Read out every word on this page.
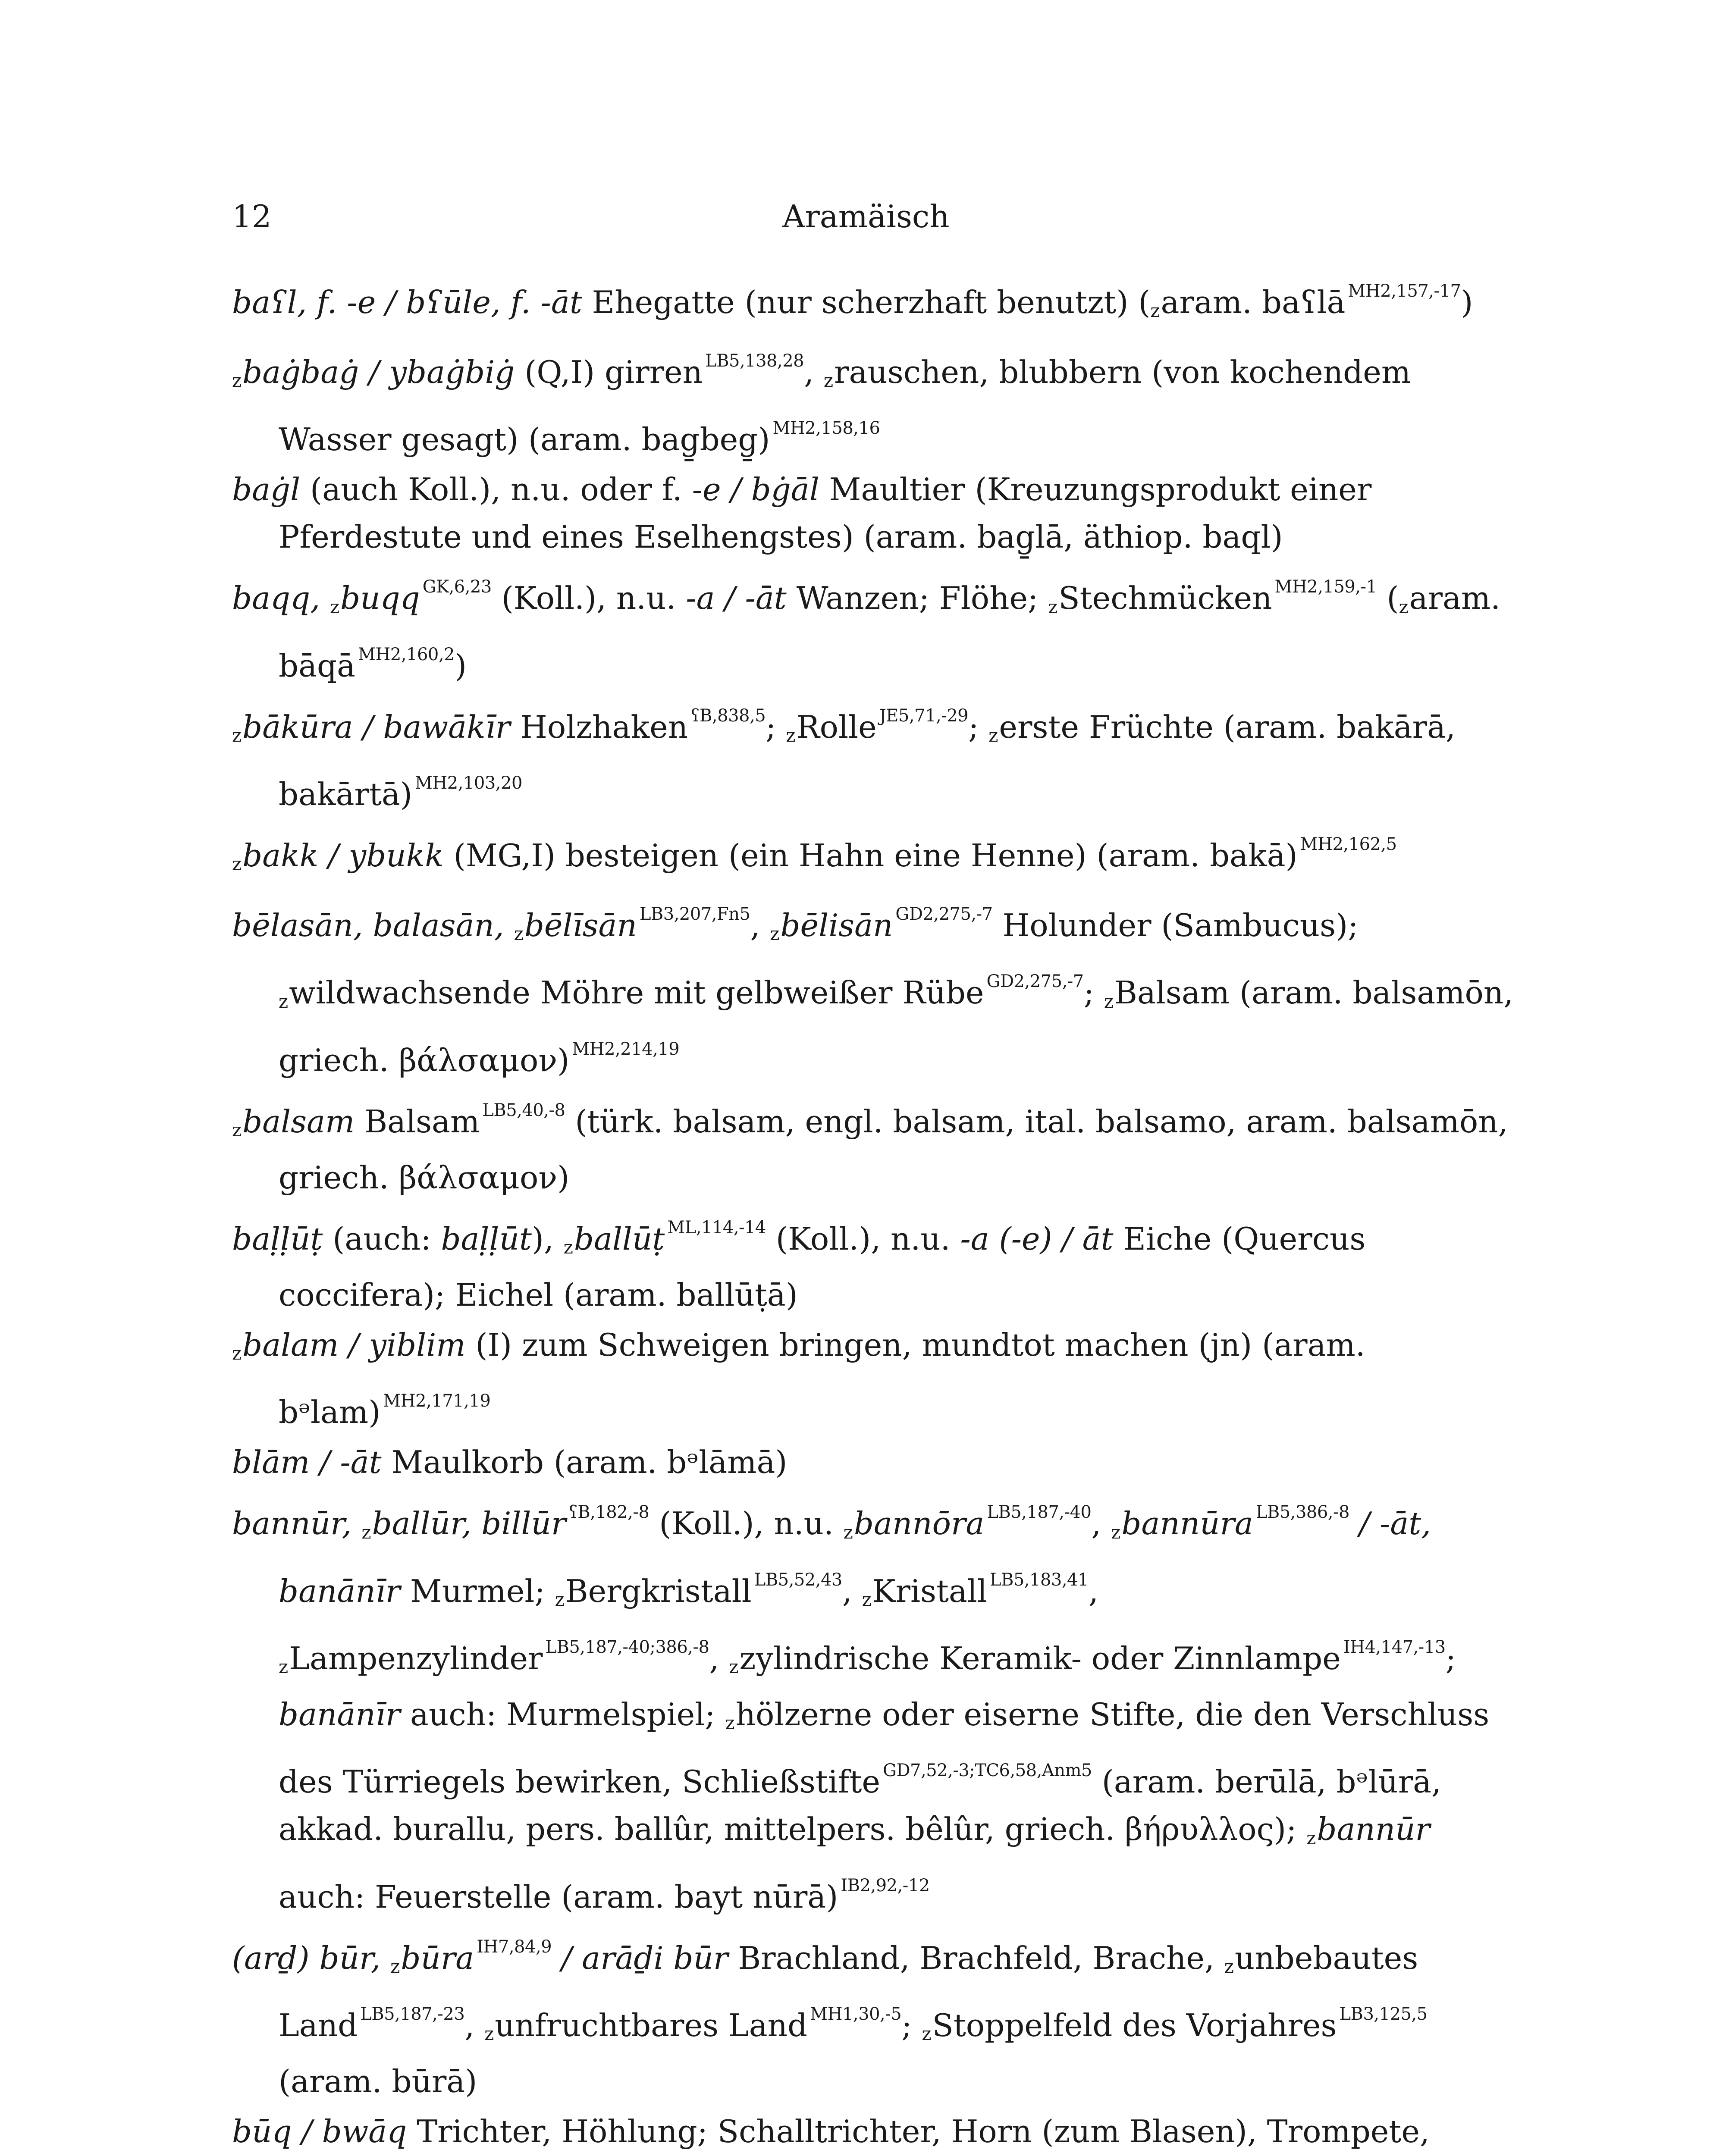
12	Aramäisch

baʕl, f. -e / bʕūle, f. -āt Ehegatte (nur scherzhaft benutzt) (zaram. baʕlā $^{MH2,157,-17}$)

zbaġbaġ / ybaġbiġ (Q,I) girren $^{LB5,138,28}$, zrauschen, blubbern (von kochendem Wasser gesagt) (aram. bag̱beg̱) $^{MH2,158,16}$

baġl (auch Koll.), n.u. oder f. -e / bġāl Maultier (Kreuzungsprodukt einer Pferdestute und eines Eselhengstes) (aram. bag̱lā, äthiop. baql)

baqq, zbuqq $^{GK,6,23}$ (Koll.), n.u. -a / -āt Wanzen; Flöhe; zStechmücken $^{MH2,159,-1}$ (zaram. bāqā $^{MH2,160,2}$)

zbākūra / bawākīr Holzhaken $^{ʕB,838,5}$; zRolle $^{JE5,71,-29}$; zerste Früchte (aram. bakārā, bakārtā) $^{MH2,103,20}$

zbakk / ybukk (MG,I) besteigen (ein Hahn eine Henne) (aram. bakā) $^{MH2,162,5}$

bēlasān, balasān, zbēlīsān $^{LB3,207,Fn5}$, zbēlisān $^{GD2,275,-7}$ Holunder (Sambucus); zwildwachsende Möhre mit gelbweißer Rübe $^{GD2,275,-7}$; zBalsam (aram. balsamōn, griech. βάλσαμον) $^{MH2,214,19}$

zbalsam Balsam $^{LB5,40,-8}$ (türk. balsam, engl. balsam, ital. balsamo, aram. balsamōn, griech. βάλσαμον)

baḷḷūṭ (auch: baḷḷūt), zballūṭ $^{ML,114,-14}$ (Koll.), n.u. -a (-e) / āt Eiche (Quercus coccifera); Eichel (aram. ballūṭā)

zbalam / yiblim (I) zum Schweigen bringen, mundtot machen (jn) (aram. bᵊlam) $^{MH2,171,19}$

blām / -āt Maulkorb (aram. bᵊlāmā)

bannūr, zballūr, billūr $^{ʕB,182,-8}$ (Koll.), n.u. zbannōra $^{LB5,187,-40}$, zbannūra $^{LB5,386,-8}$ / -āt, banānīr Murmel; zBergkristall $^{LB5,52,43}$, zKristall $^{LB5,183,41}$, zLampenzylinder $^{LB5,187,-40;386,-8}$, zzylindrische Keramik- oder Zinnlampe $^{IH4,147,-13}$; banānīr auch: Murmelspiel; zhölzerne oder eiserne Stifte, die den Verschluss des Türriegels bewirken, Schließstifte $^{GD7,52,-3;TC6,58,Anm5}$ (aram. berūlā, bᵊlūrā, akkad. burallu, pers. ballûr, mittelpers. bêlûr, griech. βήρυλλος); zbannūr auch: Feuerstelle (aram. bayt nūrā) $^{IB2,92,-12}$

(arḏ) būr, zbūra $^{IH7,84,9}$ / arāḏi būr Brachland, Brachfeld, Brache, zunbebautes Land $^{LB5,187,-23}$, zunfruchtbares Land $^{MH1,30,-5}$; zStoppelfeld des Vorjahres $^{LB3,125,5}$ (aram. būrā)

būq / bwāq Trichter, Höhlung; Schalltrichter, Horn (zum Blasen), Trompete,
